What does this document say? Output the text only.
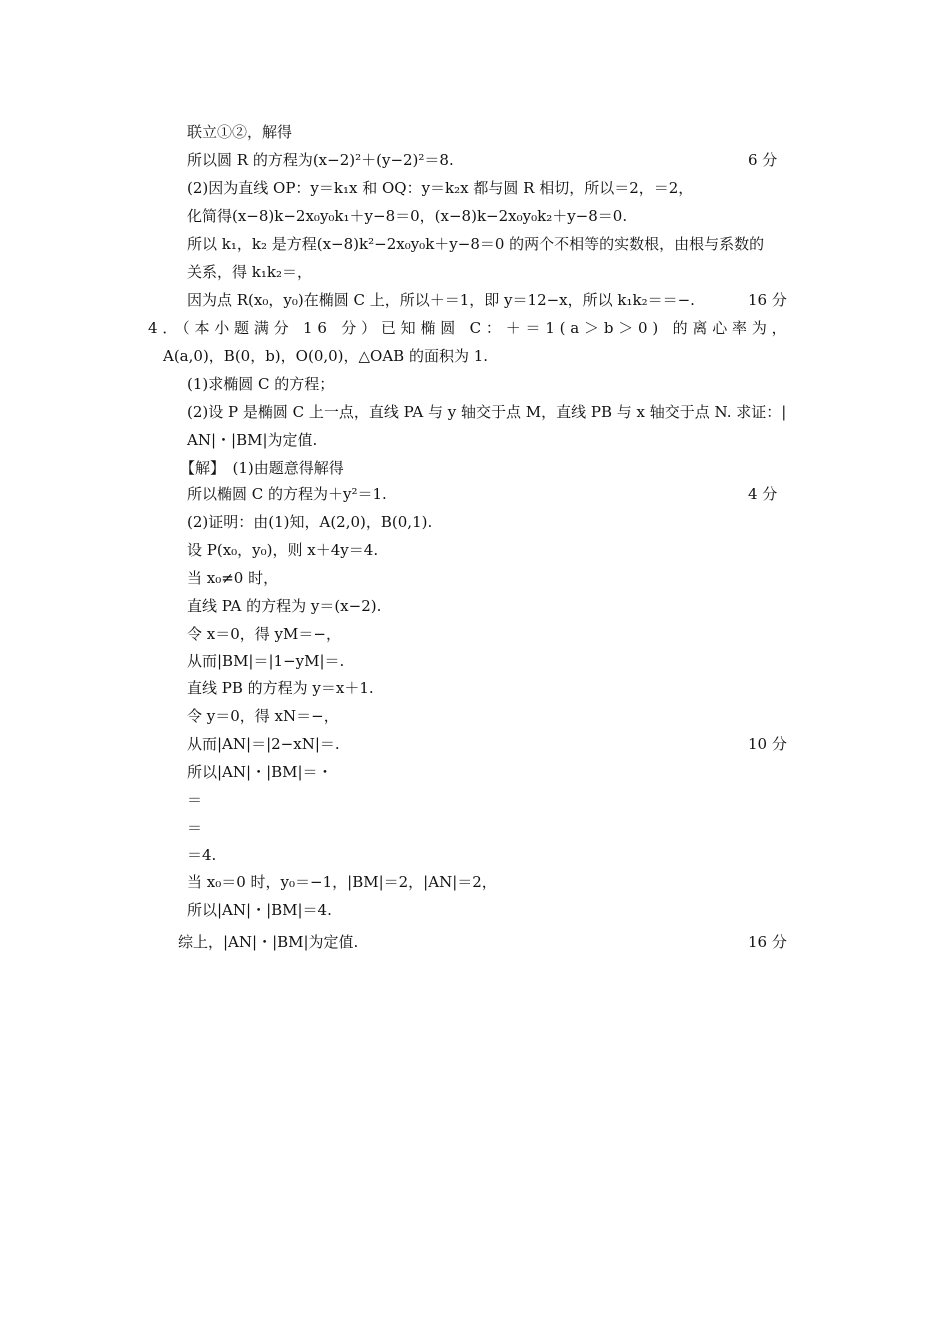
联立①②，解得
所以圆 R 的方程为(x−2)²＋(y−2)²＝8.	6 分
(2)因为直线 OP：y＝k₁x 和 OQ：y＝k₂x 都与圆 R 相切，所以＝2，＝2，
化简得(x−8)k−2x₀y₀k₁＋y−8＝0，(x−8)k−2x₀y₀k₂＋y−8＝0.
所以 k₁，k₂ 是方程(x−8)k²−2x₀y₀k＋y−8＝0 的两个不相等的实数根，由根与系数的
关系，得 k₁k₂＝，
因为点 R(x₀，y₀)在椭圆 C 上，所以＋＝1，即 y＝12−x，所以 k₁k₂＝＝−.	16 分
4．（本小题满分 16 分）已知椭圆 C：＋＝1(a＞b＞0) 的离心率为，
A(a,0)，B(0，b)，O(0,0)，△OAB 的面积为 1.
(1)求椭圆 C 的方程；
(2)设 P 是椭圆 C 上一点，直线 PA 与 y 轴交于点 M，直线 PB 与 x 轴交于点 N. 求证：|
AN|・|BM|为定值.
【解】　(1)由题意得解得
所以椭圆 C 的方程为＋y²＝1.	4 分
(2)证明：由(1)知，A(2,0)，B(0,1).
设 P(x₀，y₀)，则 x＋4y＝4.
当 x₀≠0 时，
直线 PA 的方程为 y＝(x−2).
令 x＝0，得 yM＝−，
从而|BM|＝|1−yM|＝.
直线 PB 的方程为 y＝x＋1.
令 y＝0，得 xN＝−，
从而|AN|＝|2−xN|＝.	10 分
所以|AN|・|BM|＝・
＝
＝
＝4.
当 x₀＝0 时，y₀＝−1，|BM|＝2，|AN|＝2，
所以|AN|・|BM|＝4.
综上，|AN|・|BM|为定值.	16 分
